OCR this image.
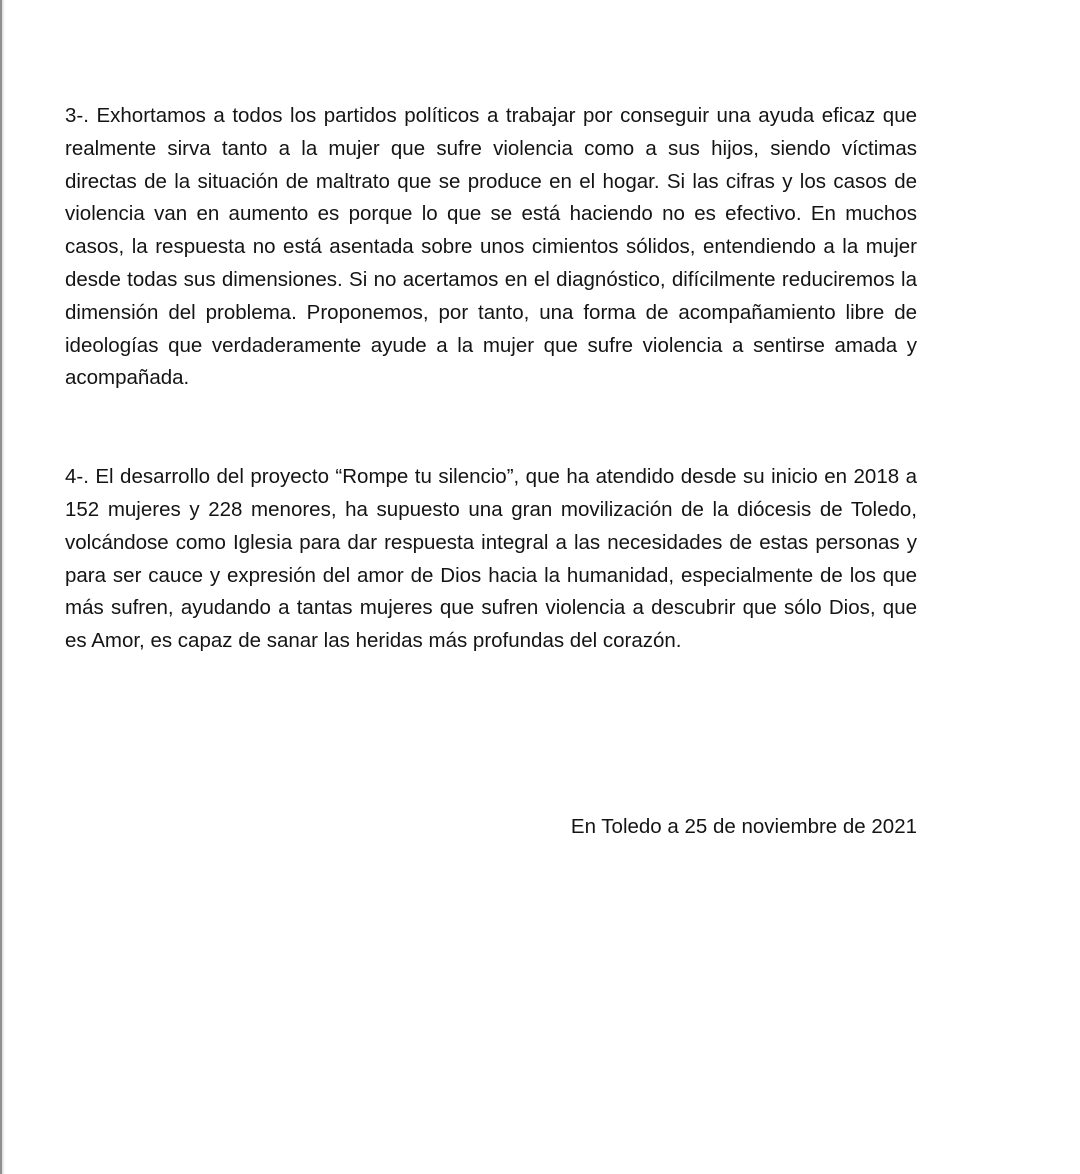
3-. Exhortamos a todos los partidos políticos a trabajar por conseguir una ayuda eficaz que realmente sirva tanto a la mujer que sufre violencia como a sus hijos, siendo víctimas directas de la situación de maltrato que se produce en el hogar. Si las cifras y los casos de violencia van en aumento es porque lo que se está haciendo no es efectivo. En muchos casos, la respuesta no está asentada sobre unos cimientos sólidos, entendiendo a la mujer desde todas sus dimensiones. Si no acertamos en el diagnóstico, difícilmente reduciremos la dimensión del problema. Proponemos, por tanto, una forma de acompañamiento libre de ideologías que verdaderamente ayude a la mujer que sufre violencia a sentirse amada y acompañada.

4-. El desarrollo del proyecto “Rompe tu silencio”, que ha atendido desde su inicio en 2018 a 152 mujeres y 228 menores, ha supuesto una gran movilización de la diócesis de Toledo, volcándose como Iglesia para dar respuesta integral a las necesidades de estas personas y para ser cauce y expresión del amor de Dios hacia la humanidad, especialmente de los que más sufren, ayudando a tantas mujeres que sufren violencia a descubrir que sólo Dios, que es Amor, es capaz de sanar las heridas más profundas del corazón.

En Toledo a 25 de noviembre de 2021
